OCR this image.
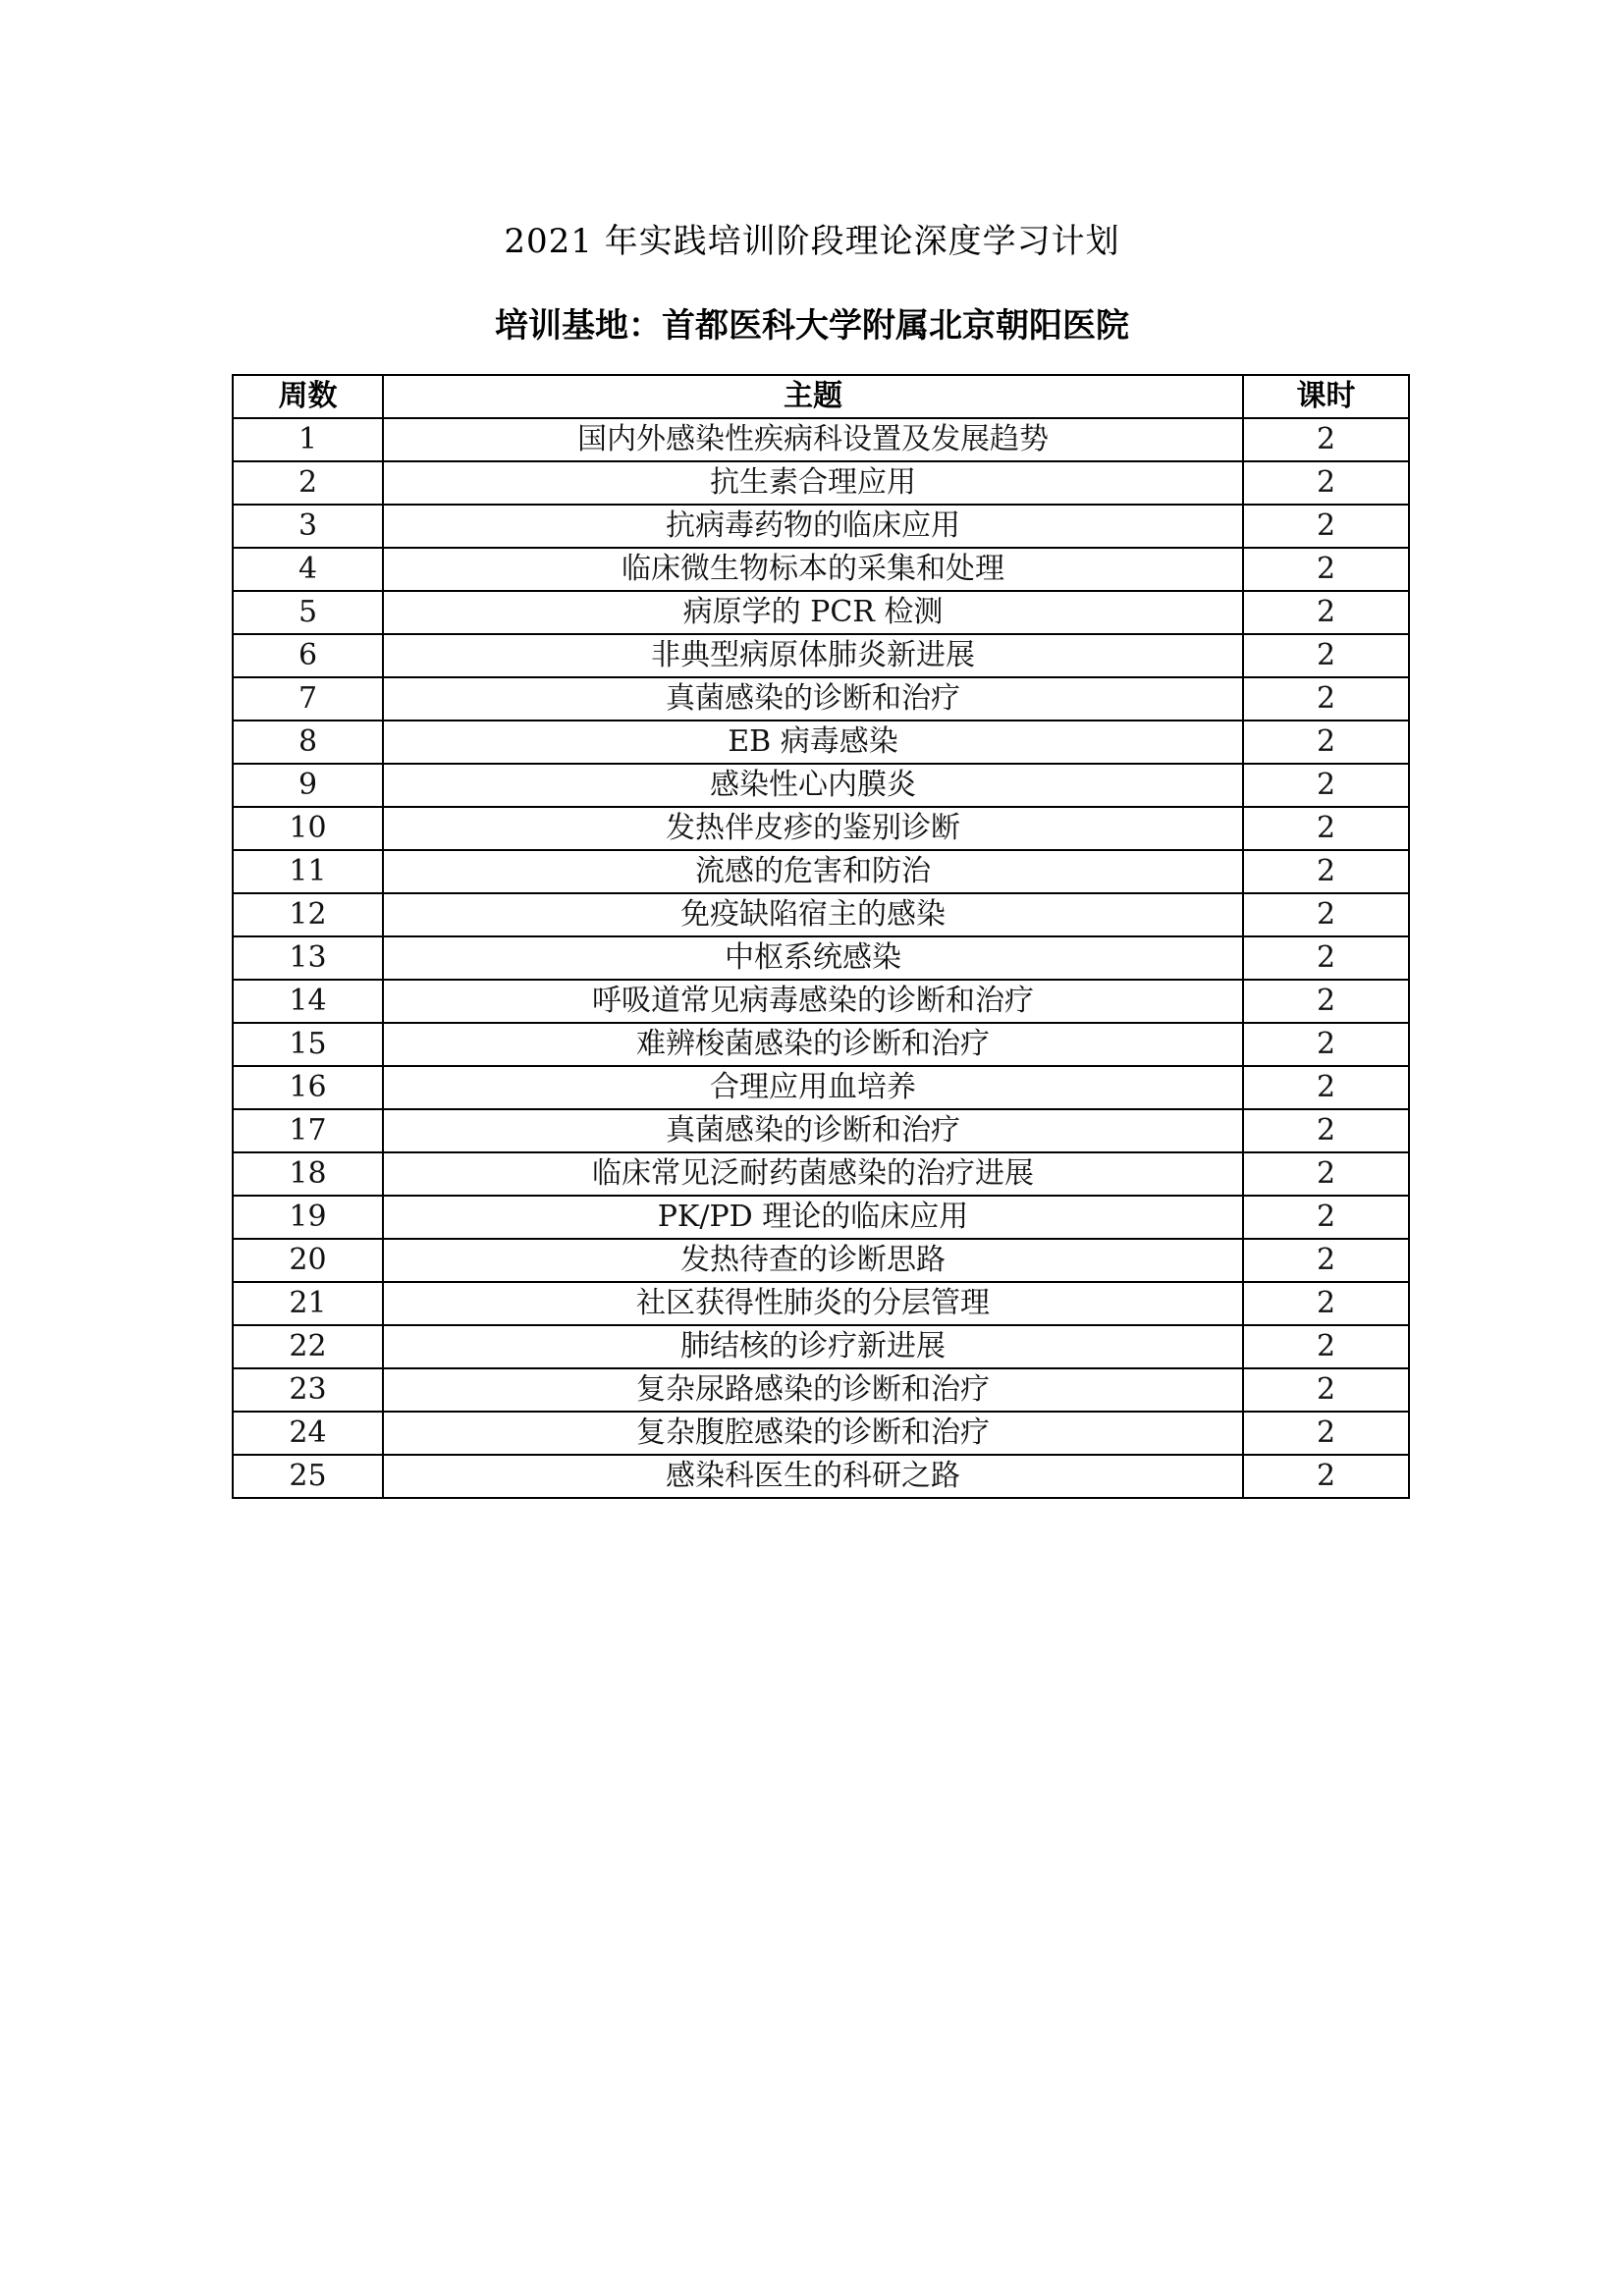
2021 年实践培训阶段理论深度学习计划
培训基地：首都医科大学附属北京朝阳医院
周数	主题	课时
1	国内外感染性疾病科设置及发展趋势	2
2	抗生素合理应用	2
3	抗病毒药物的临床应用	2
4	临床微生物标本的采集和处理	2
5	病原学的 PCR 检测	2
6	非典型病原体肺炎新进展	2
7	真菌感染的诊断和治疗	2
8	EB 病毒感染	2
9	感染性心内膜炎	2
10	发热伴皮疹的鉴别诊断	2
11	流感的危害和防治	2
12	免疫缺陷宿主的感染	2
13	中枢系统感染	2
14	呼吸道常见病毒感染的诊断和治疗	2
15	难辨梭菌感染的诊断和治疗	2
16	合理应用血培养	2
17	真菌感染的诊断和治疗	2
18	临床常见泛耐药菌感染的治疗进展	2
19	PK/PD 理论的临床应用	2
20	发热待查的诊断思路	2
21	社区获得性肺炎的分层管理	2
22	肺结核的诊疗新进展	2
23	复杂尿路感染的诊断和治疗	2
24	复杂腹腔感染的诊断和治疗	2
25	感染科医生的科研之路	2
